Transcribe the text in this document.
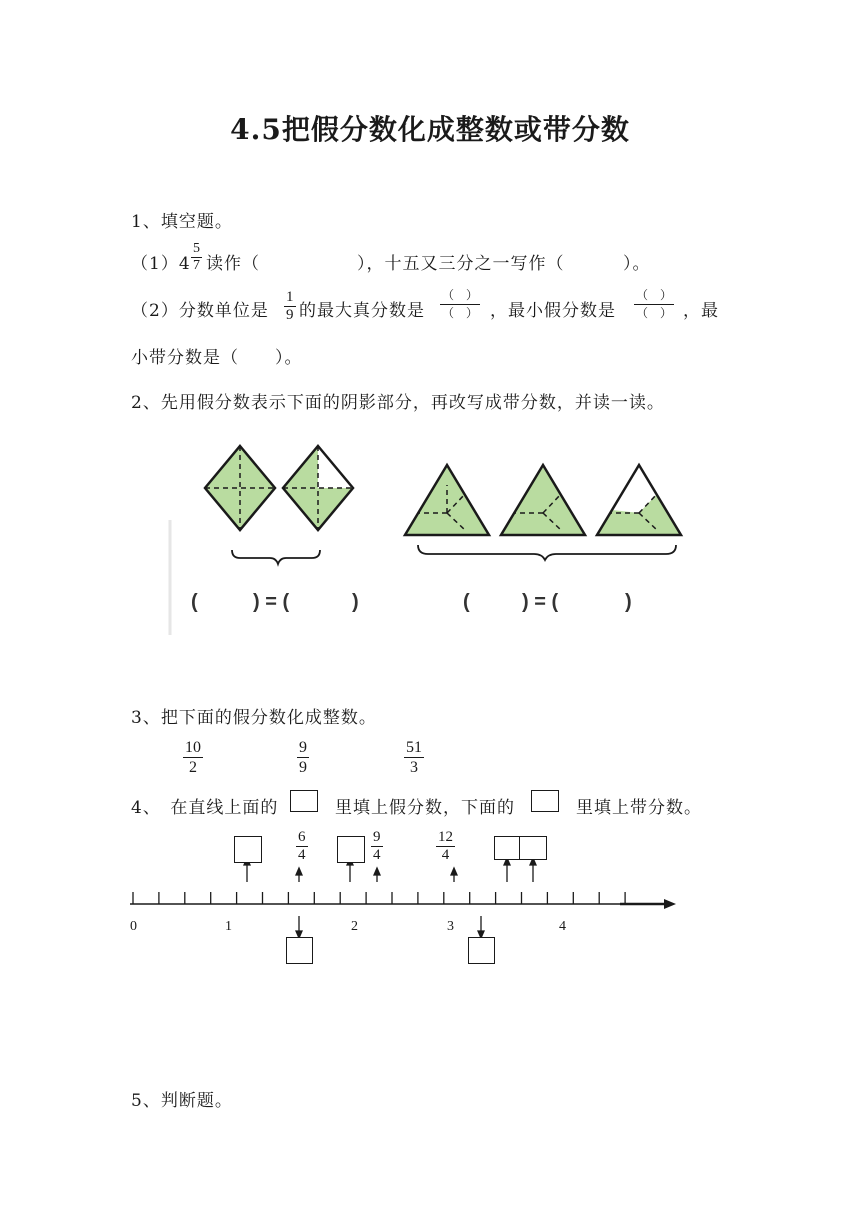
4.5把假分数化成整数或带分数
1、填空题。
$(1)4 \frac{5}{7}$ 读作（	），十五又三分之一写作（	）。
（2）分数单位是 $\frac{1}{9}$ 的最大真分数是
（　）
（　） ，最小假分数是
（　）
（　） ，最
小带分数是（　　）。
2、先用假分数表示下面的阴影部分，再改写成带分数，并读一读。
(	) = (	)	(	) = (	)
3、把下面的假分数化成整数。
$\frac{10}{2}$	$\frac{9}{9}$	$\frac{51}{3}$
4、　在直线上面的 　里填上假分数，下面的	　里填上带分数。
$\frac{6}{4}$	$\frac{9}{4}$	$\frac{12}{4}$
0	1	2	3	4
5、判断题。
